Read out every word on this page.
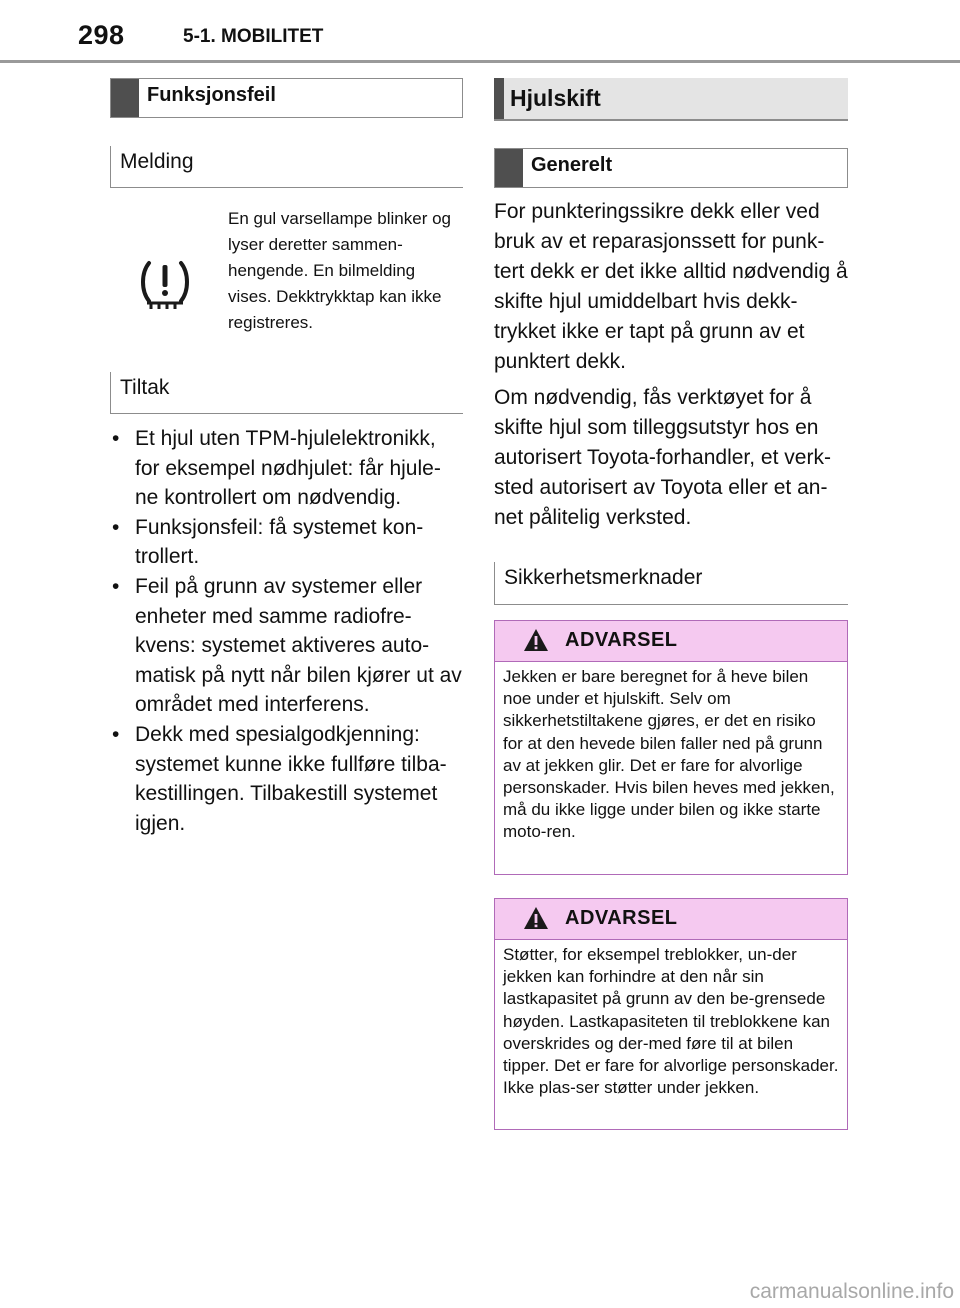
298	5-1. MOBILITET
Funksjonsfeil
Melding
En gul varsellampe blinker og lyser deretter sammen-hengende. En bilmelding vises. Dekktrykktap kan ikke registreres.
Tiltak
• Et hjul uten TPM-hjulelektronikk, for eksempel nødhjulet: får hjule-ne kontrollert om nødvendig.
• Funksjonsfeil: få systemet kon-trollert.
• Feil på grunn av systemer eller enheter med samme radiofre-kvens: systemet aktiveres auto-matisk på nytt når bilen kjører ut av området med interferens.
• Dekk med spesialgodkjenning: systemet kunne ikke fullføre tilba-kestillingen. Tilbakestill systemet igjen.
Hjulskift
Generelt

For punkteringssikre dekk eller ved bruk av et reparasjonssett for punk-tert dekk er det ikke alltid nødvendig å skifte hjul umiddelbart hvis dekk-trykket ikke er tapt på grunn av et punktert dekk.

Om nødvendig, fås verktøyet for å skifte hjul som tilleggsutstyr hos en autorisert Toyota-forhandler, et verk-sted autorisert av Toyota eller et an-net pålitelig verksted.

Sikkerhetsmerknader
ADVARSEL
Jekken er bare beregnet for å heve bilen noe under et hjulskift. Selv om sikkerhetstiltakene gjøres, er det en risiko for at den hevede bilen faller ned på grunn av at jekken glir. Det er fare for alvorlige personskader. Hvis bilen heves med jekken, må du ikke ligge under bilen og ikke starte moto-ren.
ADVARSEL
Støtter, for eksempel treblokker, un-der jekken kan forhindre at den når sin lastkapasitet på grunn av den be-grensede høyden. Lastkapasiteten til treblokkene kan overskrides og der-med føre til at bilen tipper. Det er fare for alvorlige personskader. Ikke plas-ser støtter under jekken.
carmanualsonline.info
